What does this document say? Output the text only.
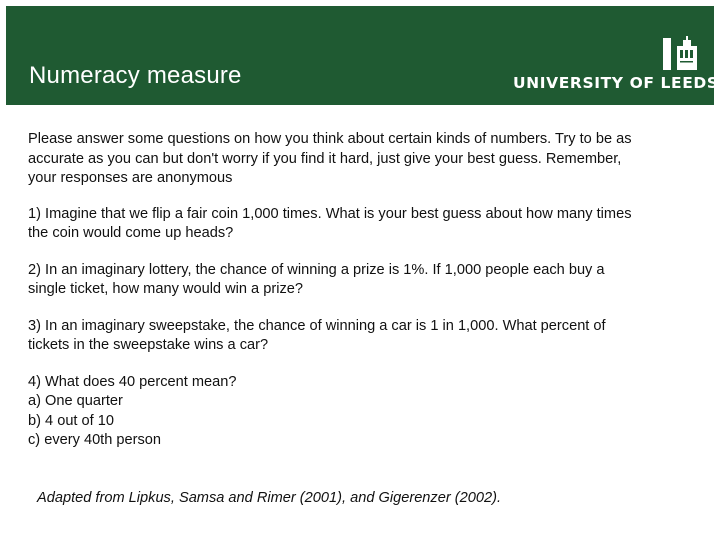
Numeracy measure	UNIVERSITY OF LEEDS

Please answer some questions on how you think about certain kinds of numbers. Try to be as
accurate as you can but don't worry if you find it hard, just give your best guess. Remember,
your responses are anonymous

1) Imagine that we flip a fair coin 1,000 times. What is your best guess about how many times
the coin would come up heads?

2) In an imaginary lottery, the chance of winning a prize is 1%. If 1,000 people each buy a
single ticket, how many would win a prize?

3) In an imaginary sweepstake, the chance of winning a car is 1 in 1,000. What percent of
tickets in the sweepstake wins a car?

4) What does 40 percent mean?
a) One quarter
b) 4 out of 10
c) every 40th person

Adapted from Lipkus, Samsa and Rimer (2001), and Gigerenzer (2002).
